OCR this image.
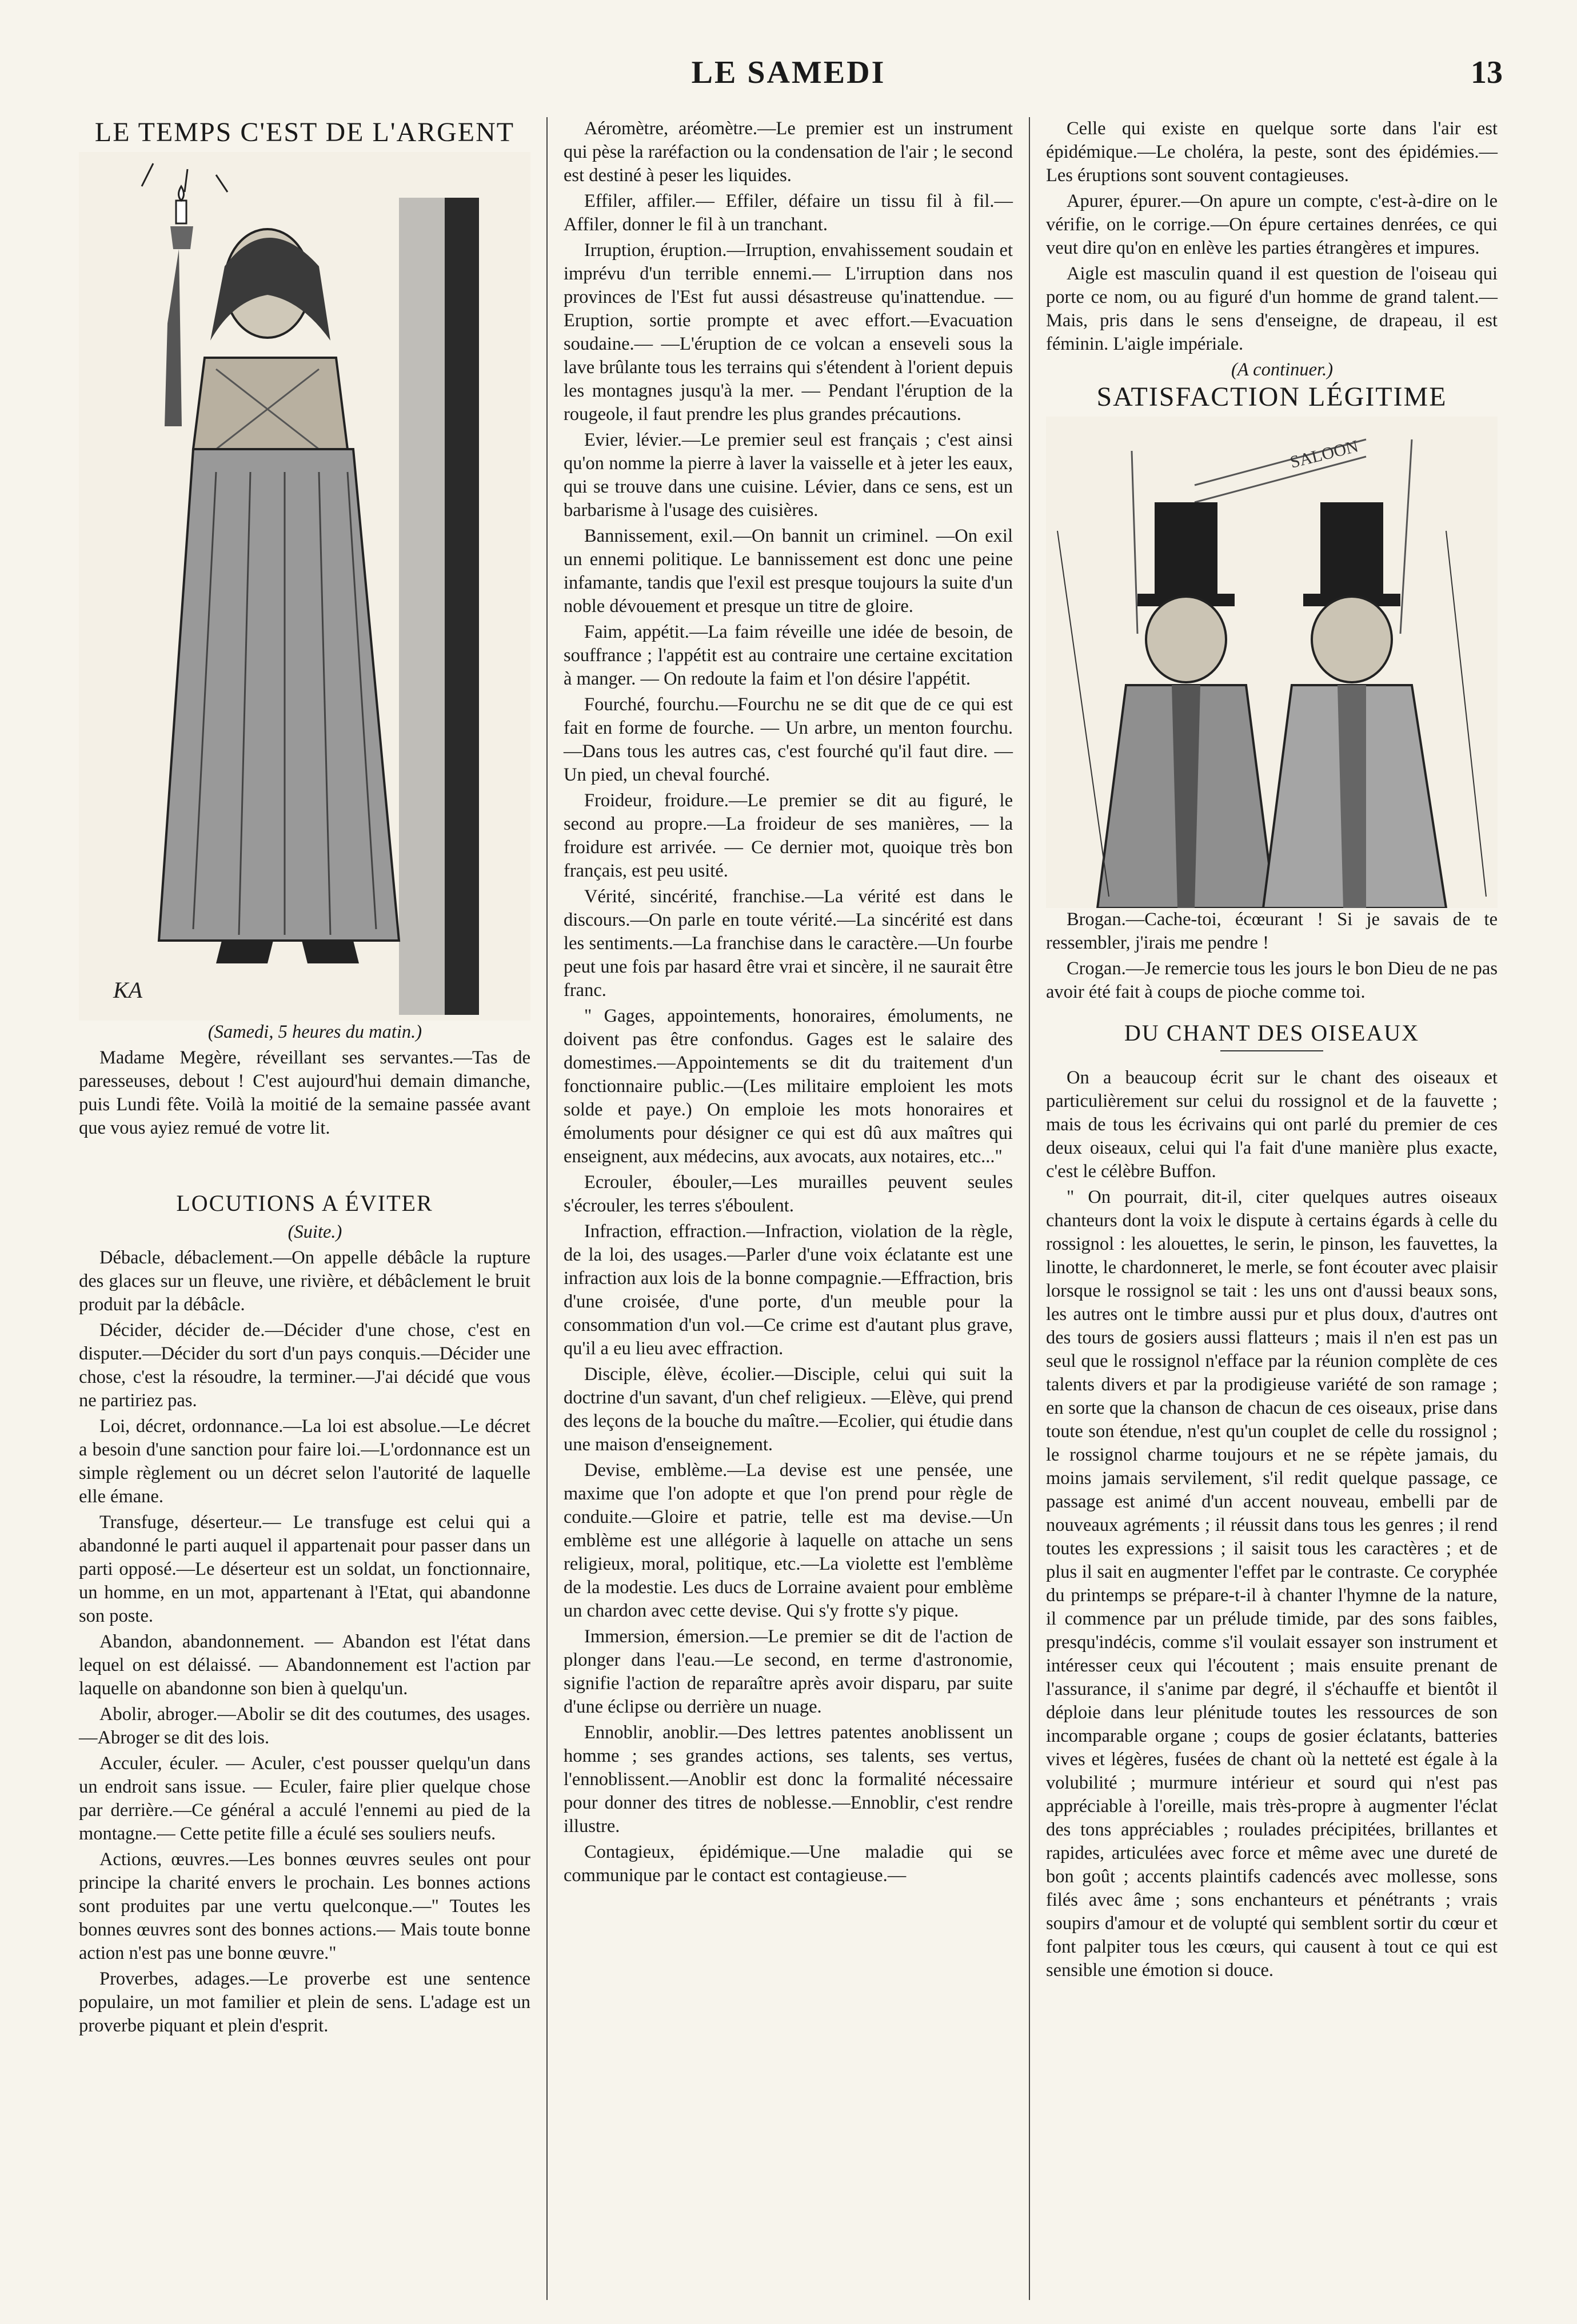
LE SAMEDI	13
LE TEMPS C'EST DE L'ARGENT
KA

(Samedi, 5 heures du matin.)

Madame Megère, réveillant ses servantes.—Tas de paresseuses, debout ! C'est aujourd'hui demain dimanche, puis Lundi fête. Voilà la moitié de la semaine passée avant que vous ayiez remué de votre lit.

LOCUTIONS A ÉVITER

(Suite.)

Débacle, débaclement.—On appelle débâcle la rupture des glaces sur un fleuve, une rivière, et débâclement le bruit produit par la débâcle.

Décider, décider de.—Décider d'une chose, c'est en disputer.—Décider du sort d'un pays conquis.—Décider une chose, c'est la résoudre, la terminer.—J'ai décidé que vous ne partiriez pas.

Loi, décret, ordonnance.—La loi est absolue.—Le décret a besoin d'une sanction pour faire loi.—L'ordonnance est un simple règlement ou un décret selon l'autorité de laquelle elle émane.

Transfuge, déserteur.— Le transfuge est celui qui a abandonné le parti auquel il appartenait pour passer dans un parti opposé.—Le déserteur est un soldat, un fonctionnaire, un homme, en un mot, appartenant à l'Etat, qui abandonne son poste.

Abandon, abandonnement. — Abandon est l'état dans lequel on est délaissé. — Abandonnement est l'action par laquelle on abandonne son bien à quelqu'un.

Abolir, abroger.—Abolir se dit des coutumes, des usages.—Abroger se dit des lois.

Acculer, éculer. — Aculer, c'est pousser quelqu'un dans un endroit sans issue. — Eculer, faire plier quelque chose par derrière.—Ce général a acculé l'ennemi au pied de la montagne.— Cette petite fille a éculé ses souliers neufs.

Actions, œuvres.—Les bonnes œuvres seules ont pour principe la charité envers le prochain. Les bonnes actions sont produites par une vertu quelconque.—" Toutes les bonnes œuvres sont des bonnes actions.— Mais toute bonne action n'est pas une bonne œuvre."

Proverbes, adages.—Le proverbe est une sentence populaire, un mot familier et plein de sens. L'adage est un proverbe piquant et plein d'esprit.

Aéromètre, aréomètre.—Le premier est un instrument qui pèse la raréfaction ou la condensation de l'air ; le second est destiné à peser les liquides.

Effiler, affiler.— Effiler, défaire un tissu fil à fil.—Affiler, donner le fil à un tranchant.

Irruption, éruption.—Irruption, envahissement soudain et imprévu d'un terrible ennemi.— L'irruption dans nos provinces de l'Est fut aussi désastreuse qu'inattendue. — Eruption, sortie prompte et avec effort.—Evacuation soudaine.— —L'éruption de ce volcan a enseveli sous la lave brûlante tous les terrains qui s'étendent à l'orient depuis les montagnes jusqu'à la mer. — Pendant l'éruption de la rougeole, il faut prendre les plus grandes précautions.

Evier, lévier.—Le premier seul est français ; c'est ainsi qu'on nomme la pierre à laver la vaisselle et à jeter les eaux, qui se trouve dans une cuisine. Lévier, dans ce sens, est un barbarisme à l'usage des cuisières.

Bannissement, exil.—On bannit un criminel. —On exil un ennemi politique. Le bannissement est donc une peine infamante, tandis que l'exil est presque toujours la suite d'un noble dévouement et presque un titre de gloire.

Faim, appétit.—La faim réveille une idée de besoin, de souffrance ; l'appétit est au contraire une certaine excitation à manger. — On redoute la faim et l'on désire l'appétit.

Fourché, fourchu.—Fourchu ne se dit que de ce qui est fait en forme de fourche. — Un arbre, un menton fourchu.—Dans tous les autres cas, c'est fourché qu'il faut dire. — Un pied, un cheval fourché.

Froideur, froidure.—Le premier se dit au figuré, le second au propre.—La froideur de ses manières, — la froidure est arrivée. — Ce dernier mot, quoique très bon français, est peu usité.

Vérité, sincérité, franchise.—La vérité est dans le discours.—On parle en toute vérité.—La sincérité est dans les sentiments.—La franchise dans le caractère.—Un fourbe peut une fois par hasard être vrai et sincère, il ne saurait être franc.

" Gages, appointements, honoraires, émoluments, ne doivent pas être confondus. Gages est le salaire des domestimes.—Appointements se dit du traitement d'un fonctionnaire public.—(Les militaire emploient les mots solde et paye.) On emploie les mots honoraires et émoluments pour désigner ce qui est dû aux maîtres qui enseignent, aux médecins, aux avocats, aux notaires, etc..."

Ecrouler, ébouler,—Les murailles peuvent seules s'écrouler, les terres s'éboulent.

Infraction, effraction.—Infraction, violation de la règle, de la loi, des usages.—Parler d'une voix éclatante est une infraction aux lois de la bonne compagnie.—Effraction, bris d'une croisée, d'une porte, d'un meuble pour la consommation d'un vol.—Ce crime est d'autant plus grave, qu'il a eu lieu avec effraction.

Disciple, élève, écolier.—Disciple, celui qui suit la doctrine d'un savant, d'un chef religieux. —Elève, qui prend des leçons de la bouche du maître.—Ecolier, qui étudie dans une maison d'enseignement.

Devise, emblème.—La devise est une pensée, une maxime que l'on adopte et que l'on prend pour règle de conduite.—Gloire et patrie, telle est ma devise.—Un emblème est une allégorie à laquelle on attache un sens religieux, moral, politique, etc.—La violette est l'emblème de la modestie. Les ducs de Lorraine avaient pour emblème un chardon avec cette devise. Qui s'y frotte s'y pique.

Immersion, émersion.—Le premier se dit de l'action de plonger dans l'eau.—Le second, en terme d'astronomie, signifie l'action de reparaître après avoir disparu, par suite d'une éclipse ou derrière un nuage.

Ennoblir, anoblir.—Des lettres patentes anoblissent un homme ; ses grandes actions, ses talents, ses vertus, l'ennoblissent.—Anoblir est donc la formalité nécessaire pour donner des titres de noblesse.—Ennoblir, c'est rendre illustre.

Contagieux, épidémique.—Une maladie qui se communique par le contact est contagieuse.—

Celle qui existe en quelque sorte dans l'air est épidémique.—Le choléra, la peste, sont des épidémies.—Les éruptions sont souvent contagieuses.

Apurer, épurer.—On apure un compte, c'est-à-dire on le vérifie, on le corrige.—On épure certaines denrées, ce qui veut dire qu'on en enlève les parties étrangères et impures.

Aigle est masculin quand il est question de l'oiseau qui porte ce nom, ou au figuré d'un homme de grand talent.—Mais, pris dans le sens d'enseigne, de drapeau, il est féminin. L'aigle impériale.

(A continuer.)

SATISFACTION LÉGITIME
SALOON

Brogan.—Cache-toi, écœurant ! Si je savais de te ressembler, j'irais me pendre !

Crogan.—Je remercie tous les jours le bon Dieu de ne pas avoir été fait à coups de pioche comme toi.

DU CHANT DES OISEAUX

On a beaucoup écrit sur le chant des oiseaux et particulièrement sur celui du rossignol et de la fauvette ; mais de tous les écrivains qui ont parlé du premier de ces deux oiseaux, celui qui l'a fait d'une manière plus exacte, c'est le célèbre Buffon.

" On pourrait, dit-il, citer quelques autres oiseaux chanteurs dont la voix le dispute à certains égards à celle du rossignol : les alouettes, le serin, le pinson, les fauvettes, la linotte, le chardonneret, le merle, se font écouter avec plaisir lorsque le rossignol se tait : les uns ont d'aussi beaux sons, les autres ont le timbre aussi pur et plus doux, d'autres ont des tours de gosiers aussi flatteurs ; mais il n'en est pas un seul que le rossignol n'efface par la réunion complète de ces talents divers et par la prodigieuse variété de son ramage ; en sorte que la chanson de chacun de ces oiseaux, prise dans toute son étendue, n'est qu'un couplet de celle du rossignol ; le rossignol charme toujours et ne se répète jamais, du moins jamais servilement, s'il redit quelque passage, ce passage est animé d'un accent nouveau, embelli par de nouveaux agréments ; il réussit dans tous les genres ; il rend toutes les expressions ; il saisit tous les caractères ; et de plus il sait en augmenter l'effet par le contraste. Ce coryphée du printemps se prépare-t-il à chanter l'hymne de la nature, il commence par un prélude timide, par des sons faibles, presqu'indécis, comme s'il voulait essayer son instrument et intéresser ceux qui l'écoutent ; mais ensuite prenant de l'assurance, il s'anime par degré, il s'échauffe et bientôt il déploie dans leur plénitude toutes les ressources de son incomparable organe ; coups de gosier éclatants, batteries vives et légères, fusées de chant où la netteté est égale à la volubilité ; murmure intérieur et sourd qui n'est pas appréciable à l'oreille, mais très-propre à augmenter l'éclat des tons appréciables ; roulades précipitées, brillantes et rapides, articulées avec force et même avec une dureté de bon goût ; accents plaintifs cadencés avec mollesse, sons filés avec âme ; sons enchanteurs et pénétrants ; vrais soupirs d'amour et de volupté qui semblent sortir du cœur et font palpiter tous les cœurs, qui causent à tout ce qui est sensible une émotion si douce.
